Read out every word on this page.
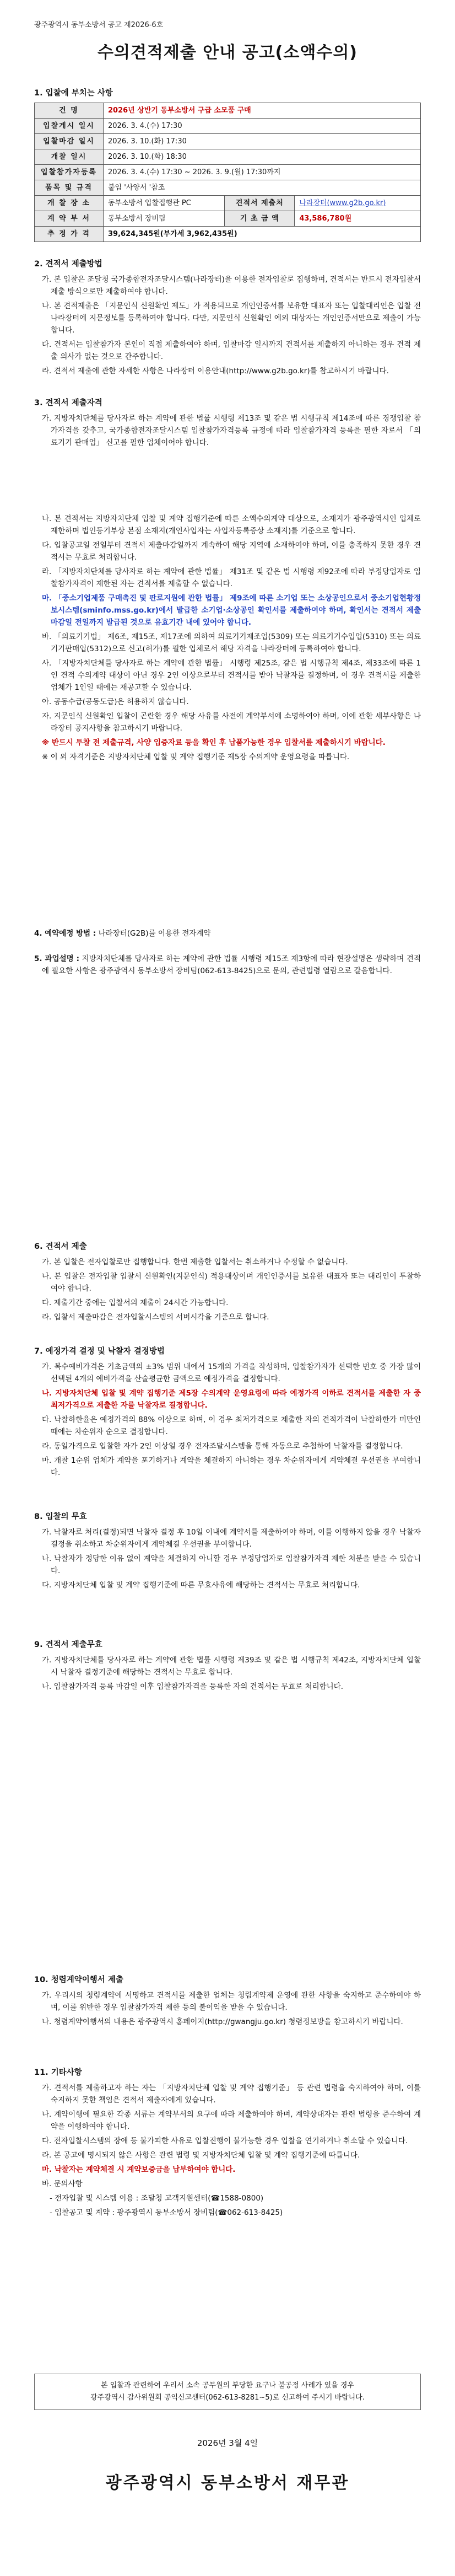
광주광역시 동부소방서 공고 제2026-6호
수의견적제출 안내 공고(소액수의)
1. 입찰에 부치는 사항
건 명	2026년 상반기 동부소방서 구급 소모품 구매		
입찰게시 일시	2026. 3. 4.(수) 17:30		
입찰마감 일시	2026. 3. 10.(화) 17:30		
개찰 일시	2026. 3. 10.(화) 18:30		
입찰참가자등록	2026. 3. 4.(수) 17:30 ~ 2026. 3. 9.(월) 17:30까지		
품목 및 규격	붙임 '사양서 '참조		
개 찰 장 소	동부소방서 입찰집행관 PC	견적서 제출처	나라장터(www.g2b.go.kr)
계 약 부 서	동부소방서 장비팀	기 초 금 액	43,586,780원
추 정 가 격	39,624,345원(부가세 3,962,435원)		
2. 견적서 제출방법

가. 본 입찰은 조달청 국가종합전자조달시스템(나라장터)을 이용한 전자입찰로 집행하며, 견적서는 반드시 전자입찰서 제출 방식으로만 제출하여야 합니다.

나. 본 견적제출은 「지문인식 신원확인 제도」가 적용되므로 개인인증서를 보유한 대표자 또는 입찰대리인은 입찰 전 나라장터에 지문정보를 등록하여야 합니다. 다만, 지문인식 신원확인 예외 대상자는 개인인증서만으로 제출이 가능합니다.

다. 견적서는 입찰참가자 본인이 직접 제출하여야 하며, 입찰마감 일시까지 견적서를 제출하지 아니하는 경우 견적 제출 의사가 없는 것으로 간주합니다.

라. 견적서 제출에 관한 자세한 사항은 나라장터 이용안내(http://www.g2b.go.kr)를 참고하시기 바랍니다.

3. 견적서 제출자격

가. 지방자치단체를 당사자로 하는 계약에 관한 법률 시행령 제13조 및 같은 법 시행규칙 제14조에 따른 경쟁입찰 참가자격을 갖추고, 국가종합전자조달시스템 입찰참가자격등록 규정에 따라 입찰참가자격 등록을 필한 자로서 「의료기기 판매업」 신고를 필한 업체이어야 합니다.

나. 본 견적서는 지방자치단체 입찰 및 계약 집행기준에 따른 소액수의계약 대상으로, 소재지가 광주광역시인 업체로 제한하며 법인등기부상 본점 소재지(개인사업자는 사업자등록증상 소재지)를 기준으로 합니다.

다. 입찰공고일 전일부터 견적서 제출마감일까지 계속하여 해당 지역에 소재하여야 하며, 이를 충족하지 못한 경우 견적서는 무효로 처리합니다.

라. 「지방자치단체를 당사자로 하는 계약에 관한 법률」 제31조 및 같은 법 시행령 제92조에 따라 부정당업자로 입찰참가자격이 제한된 자는 견적서를 제출할 수 없습니다.

마. 「중소기업제품 구매촉진 및 판로지원에 관한 법률」 제9조에 따른 소기업 또는 소상공인으로서 중소기업현황정보시스템(sminfo.mss.go.kr)에서 발급한 소기업·소상공인 확인서를 제출하여야 하며, 확인서는 견적서 제출마감일 전일까지 발급된 것으로 유효기간 내에 있어야 합니다.

바. 「의료기기법」 제6조, 제15조, 제17조에 의하여 의료기기제조업(5309) 또는 의료기기수입업(5310) 또는 의료기기판매업(5312)으로 신고(허가)를 필한 업체로서 해당 자격을 나라장터에 등록하여야 합니다.

사. 「지방자치단체를 당사자로 하는 계약에 관한 법률」 시행령 제25조, 같은 법 시행규칙 제4조, 제33조에 따른 1인 견적 수의계약 대상이 아닌 경우 2인 이상으로부터 견적서를 받아 낙찰자를 결정하며, 이 경우 견적서를 제출한 업체가 1인일 때에는 재공고할 수 있습니다.

아. 공동수급(공동도급)은 허용하지 않습니다.

자. 지문인식 신원확인 입찰이 곤란한 경우 해당 사유를 사전에 계약부서에 소명하여야 하며, 이에 관한 세부사항은 나라장터 공지사항을 참고하시기 바랍니다.

※ 반드시 투찰 전 제출규격, 사양 입증자료 등을 확인 후 납품가능한 경우 입찰서를 제출하시기 바랍니다.

※ 이 외 자격기준은 지방자치단체 입찰 및 계약 집행기준 제5장 수의계약 운영요령을 따릅니다.

4. 예약에정 방법 : 나라장터(G2B)를 이용한 전자계약

5. 과업설명 : 지방자치단체를 당사자로 하는 계약에 관한 법률 시행령 제15조 제3항에 따라 현장설명은 생략하며 견적에 필요한 사항은 광주광역시 동부소방서 장비팀(062-613-8425)으로 문의, 관련법령 열람으로 갈음합니다.

6. 견적서 제출

가. 본 입찰은 전자입찰로만 집행합니다. 한번 제출한 입찰서는 취소하거나 수정할 수 없습니다.

나. 본 입찰은 전자입찰 입찰서 신원확인(지문인식) 적용대상이며 개인인증서를 보유한 대표자 또는 대리인이 투찰하여야 합니다.

다. 제출기간 중에는 입찰서의 제출이 24시간 가능합니다.

라. 입찰서 제출마감은 전자입찰시스템의 서버시각을 기준으로 합니다.

7. 예정가격 결정 및 낙찰자 결정방법

가. 복수예비가격은 기초금액의 ±3% 범위 내에서 15개의 가격을 작성하며, 입찰참가자가 선택한 번호 중 가장 많이 선택된 4개의 예비가격을 산술평균한 금액으로 예정가격을 결정합니다.

나. 지방자치단체 입찰 및 계약 집행기준 제5장 수의계약 운영요령에 따라 예정가격 이하로 견적서를 제출한 자 중 최저가격으로 제출한 자를 낙찰자로 결정합니다.

다. 낙찰하한율은 예정가격의 88% 이상으로 하며, 이 경우 최저가격으로 제출한 자의 견적가격이 낙찰하한가 미만인 때에는 차순위자 순으로 결정합니다.

라. 동일가격으로 입찰한 자가 2인 이상일 경우 전자조달시스템을 통해 자동으로 추첨하여 낙찰자를 결정합니다.

마. 개찰 1순위 업체가 계약을 포기하거나 계약을 체결하지 아니하는 경우 차순위자에게 계약체결 우선권을 부여합니다.

8. 입찰의 무효

가. 낙찰자로 처리(결정)되면 낙찰자 결정 후 10일 이내에 계약서를 제출하여야 하며, 이를 이행하지 않을 경우 낙찰자 결정을 취소하고 차순위자에게 계약체결 우선권을 부여합니다.

나. 낙찰자가 정당한 이유 없이 계약을 체결하지 아니할 경우 부정당업자로 입찰참가자격 제한 처분을 받을 수 있습니다.

다. 지방자치단체 입찰 및 계약 집행기준에 따른 무효사유에 해당하는 견적서는 무효로 처리합니다.

9. 견적서 제출무효

가. 지방자치단체를 당사자로 하는 계약에 관한 법률 시행령 제39조 및 같은 법 시행규칙 제42조, 지방자치단체 입찰시 낙찰자 결정기준에 해당하는 견적서는 무효로 합니다.

나. 입찰참가자격 등록 마감일 이후 입찰참가자격을 등록한 자의 견적서는 무효로 처리합니다.

10. 청렴계약이행서 제출

가. 우리시의 청렴계약에 서명하고 견적서를 제출한 업체는 청렴계약제 운영에 관한 사항을 숙지하고 준수하여야 하며, 이를 위반한 경우 입찰참가자격 제한 등의 불이익을 받을 수 있습니다.

나. 청렴계약이행서의 내용은 광주광역시 홈페이지(http://gwangju.go.kr) 청렴정보방을 참고하시기 바랍니다.

11. 기타사항

가. 견적서를 제출하고자 하는 자는 「지방자치단체 입찰 및 계약 집행기준」 등 관련 법령을 숙지하여야 하며, 이를 숙지하지 못한 책임은 견적서 제출자에게 있습니다.

나. 계약이행에 필요한 각종 서류는 계약부서의 요구에 따라 제출하여야 하며, 계약상대자는 관련 법령을 준수하여 계약을 이행하여야 합니다.

다. 전자입찰시스템의 장애 등 불가피한 사유로 입찰진행이 불가능한 경우 입찰을 연기하거나 취소할 수 있습니다.

라. 본 공고에 명시되지 않은 사항은 관련 법령 및 지방자치단체 입찰 및 계약 집행기준에 따릅니다.

마. 낙찰자는 계약체결 시 계약보증금을 납부하여야 합니다.

바. 문의사항

- 전자입찰 및 시스템 이용 : 조달청 고객지원센터(☎1588-0800)

- 입찰공고 및 계약 : 광주광역시 동부소방서 장비팀(☎062-613-8425)

본 입찰과 관련하여 우리서 소속 공무원의 부당한 요구나 불공정 사례가 있을 경우
광주광역시 감사위원회 공익신고센터(062-613-8281~5)로 신고하여 주시기 바랍니다.
2026년 3월 4일
광주광역시 동부소방서 재무관
